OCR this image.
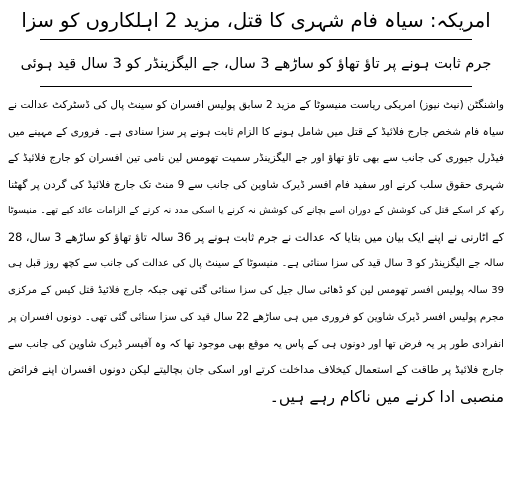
امریکہ: سیاہ فام شہری کا قتل، مزید 2 اہلکاروں کو سزا
جرم ثابت ہونے پر تاؤ تھاؤ کو ساڑھے 3 سال، جے الیگزینڈر کو 3 سال قید ہوئی
واشنگٹن (نیٹ نیوز) امریکی ریاست منیسوٹا کے مزید 2 سابق پولیس افسران کو سینٹ پال کی ڈسٹرکٹ عدالت نے
سیاہ فام شخص جارج فلائیڈ کے قتل میں شامل ہونے کا الزام ثابت ہونے پر سزا سنادی ہے۔ فروری کے مہینے میں
فیڈرل جیوری کی جانب سے بھی تاؤ تھاؤ اور جے الیگزینڈر سمیت تھومس لین نامی تین افسران کو جارج فلائیڈ کے
شہری حقوق سلب کرنے اور سفید فام افسر ڈیرک شاوین کی جانب سے 9 منٹ تک جارج فلائیڈ کی گردن پر گھٹنا
رکھ کر اسکے قتل کی کوشش کے دوران اسے بچانے کی کوشش نہ کرنے یا اسکی مدد نہ کرنے کے الزامات عائد کیے تھے۔ منیسوٹا
کے اٹارنی نے اپنے ایک بیان میں بتایا کہ عدالت نے جرم ثابت ہونے پر 36 سالہ تاؤ تھاؤ کو ساڑھے 3 سال، 28
سالہ جے الیگزینڈر کو 3 سال قید کی سزا سنائی ہے۔ منیسوٹا کے سینٹ پال کی عدالت کی جانب سے کچھ روز قبل ہی
39 سالہ پولیس افسر تھومس لین کو ڈھائی سال جیل کی سزا سنائی گئی تھی جبکہ جارج فلائیڈ قتل کیس کے مرکزی
مجرم پولیس افسر ڈیرک شاوین کو فروری میں ہی ساڑھے 22 سال قید کی سزا سنائی گئی تھی۔ دونوں افسران پر
انفرادی طور پر یہ فرض تھا اور دونوں ہی کے پاس یہ موقع بھی موجود تھا کہ وہ آفیسر ڈیرک شاوین کی جانب سے
جارج فلائیڈ پر طاقت کے استعمال کیخلاف مداخلت کرتے اور اسکی جان بچالیتے لیکن دونوں افسران اپنے فرائض
منصبی ادا کرنے میں ناکام رہے ہیں۔
